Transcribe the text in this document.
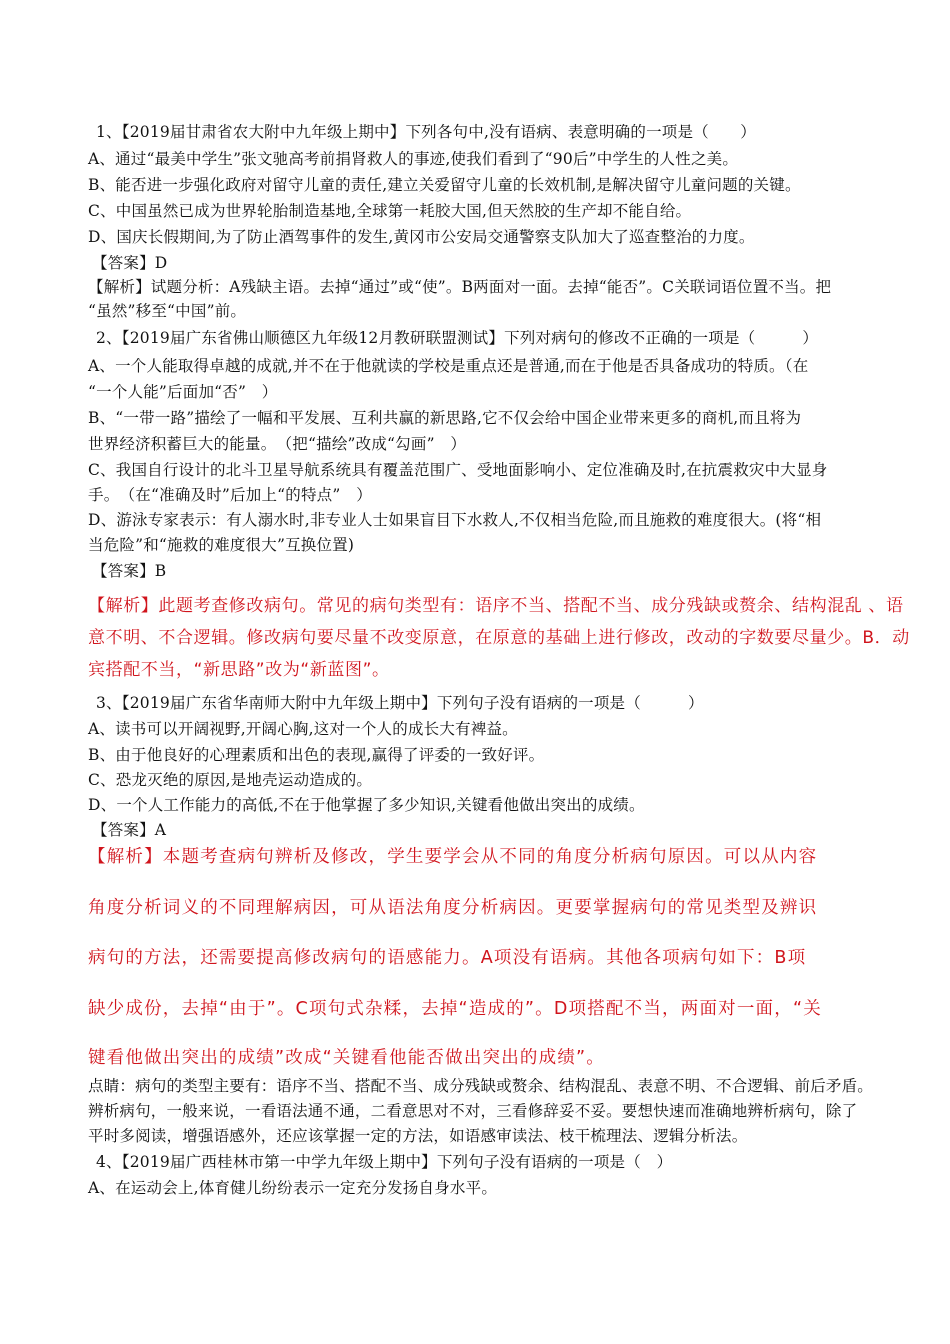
1、【2019届甘肃省农大附中九年级上期中】下列各句中,没有语病、表意明确的一项是（　　）
A、通过“最美中学生”张文驰高考前捐肾救人的事迹,使我们看到了“90后”中学生的人性之美。
B、能否进一步强化政府对留守儿童的责任,建立关爱留守儿童的长效机制,是解决留守儿童问题的关键。
C、中国虽然已成为世界轮胎制造基地,全球第一耗胶大国,但天然胶的生产却不能自给。
D、国庆长假期间,为了防止酒驾事件的发生,黄冈市公安局交通警察支队加大了巡查整治的力度。
【答案】D
【解析】试题分析：A残缺主语。去掉“通过”或“使”。B两面对一面。去掉“能否”。C关联词语位置不当。把
“虽然”移至“中国”前。
2、【2019届广东省佛山顺德区九年级12月教研联盟测试】下列对病句的修改不正确的一项是（　　　）
A、一个人能取得卓越的成就,并不在于他就读的学校是重点还是普通,而在于他是否具备成功的特质。（在
“一个人能”后面加“否”　）
B、“一带一路”描绘了一幅和平发展、互利共赢的新思路,它不仅会给中国企业带来更多的商机,而且将为
世界经济积蓄巨大的能量。　（把“描绘”改成“勾画”　）
C、我国自行设计的北斗卫星导航系统具有覆盖范围广、受地面影响小、定位准确及时,在抗震救灾中大显身
手。　（在“准确及时”后加上“的特点”　）
D、游泳专家表示：有人溺水时,非专业人士如果盲目下水救人,不仅相当危险,而且施救的难度很大。(将“相
当危险”和“施救的难度很大”互换位置)
【答案】B
【解析】此题考查修改病句。常见的病句类型有：语序不当、搭配不当、成分残缺或赘余、结构混乱 、语
意不明、不合逻辑。修改病句要尽量不改变原意，在原意的基础上进行修改，改动的字数要尽量少。B．动
宾搭配不当，“新思路”改为“新蓝图”。
3、【2019届广东省华南师大附中九年级上期中】下列句子没有语病的一项是（　　　）
A、读书可以开阔视野,开阔心胸,这对一个人的成长大有裨益。
B、由于他良好的心理素质和出色的表现,赢得了评委的一致好评。
C、恐龙灭绝的原因,是地壳运动造成的。
D、一个人工作能力的高低,不在于他掌握了多少知识,关键看他做出突出的成绩。
【答案】A
【解析】本题考查病句辨析及修改，学生要学会从不同的角度分析病句原因。可以从内容
角度分析词义的不同理解病因，可从语法角度分析病因。更要掌握病句的常见类型及辨识
病句的方法，还需要提高修改病句的语感能力。A项没有语病。其他各项病句如下：B项
缺少成份，去掉“由于”。C项句式杂糅，去掉“造成的”。D项搭配不当，两面对一面，“关
键看他做出突出的成绩”改成“关键看他能否做出突出的成绩”。
点睛：病句的类型主要有：语序不当、搭配不当、成分残缺或赘余、结构混乱、表意不明、不合逻辑、前后矛盾。
辨析病句，一般来说，一看语法通不通，二看意思对不对，三看修辞妥不妥。要想快速而准确地辨析病句，除了
平时多阅读，增强语感外，还应该掌握一定的方法，如语感审读法、枝干梳理法、逻辑分析法。
4、【2019届广西桂林市第一中学九年级上期中】下列句子没有语病的一项是（　）
A、在运动会上,体育健儿纷纷表示一定充分发扬自身水平。
